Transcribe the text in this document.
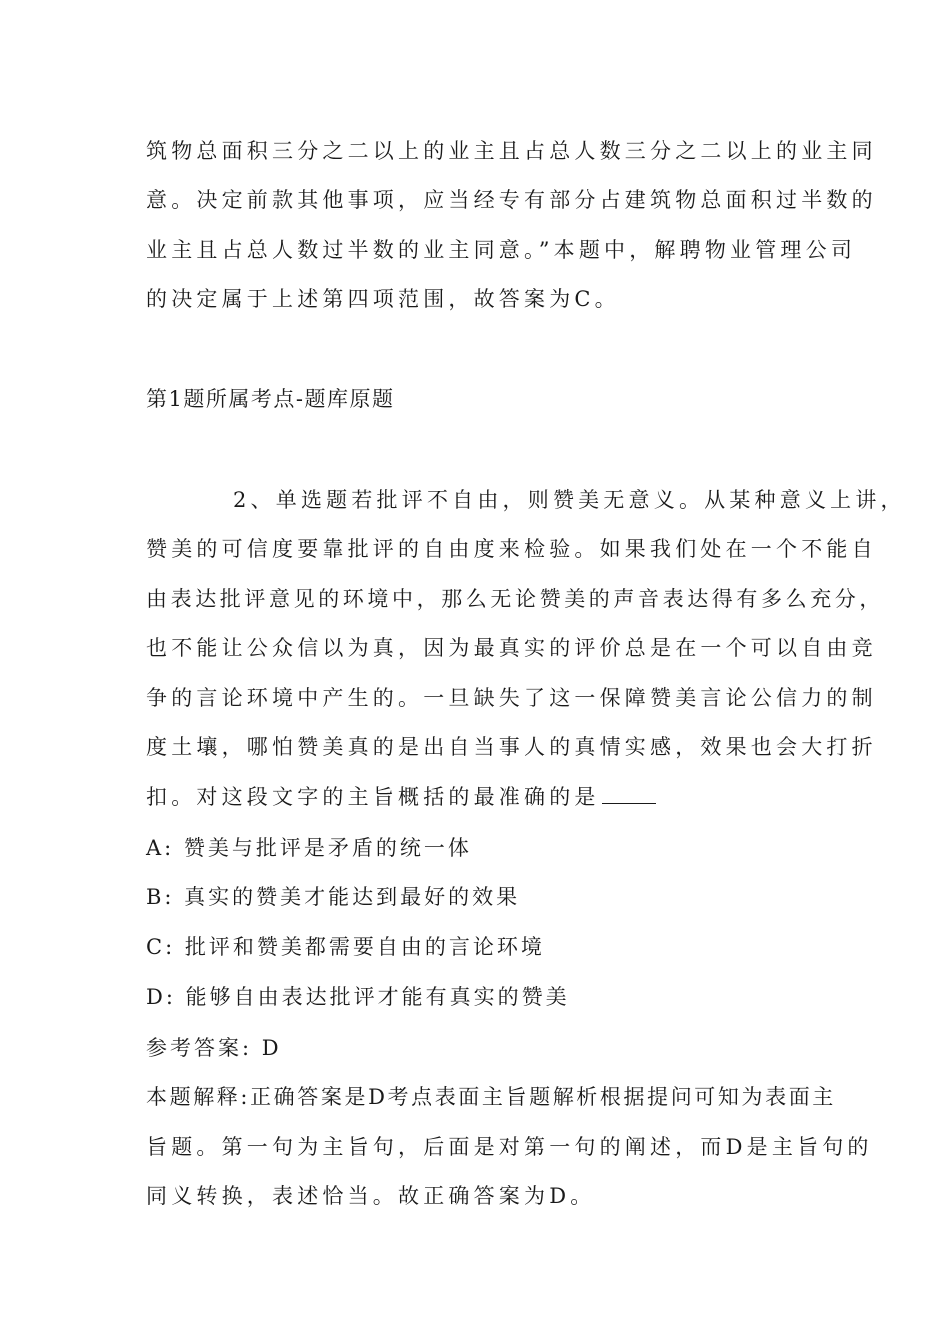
筑物总面积三分之二以上的业主且占总人数三分之二以上的业主同
意。决定前款其他事项，应当经专有部分占建筑物总面积过半数的
业主且占总人数过半数的业主同意。”本题中，解聘物业管理公司
的决定属于上述第四项范围，故答案为C。
第1题所属考点-题库原题
2、单选题若批评不自由，则赞美无意义。从某种意义上讲，
赞美的可信度要靠批评的自由度来检验。如果我们处在一个不能自
由表达批评意见的环境中，那么无论赞美的声音表达得有多么充分，
也不能让公众信以为真，因为最真实的评价总是在一个可以自由竞
争的言论环境中产生的。一旦缺失了这一保障赞美言论公信力的制
度土壤，哪怕赞美真的是出自当事人的真情实感，效果也会大打折
扣。对这段文字的主旨概括的最准确的是
A: 赞美与批评是矛盾的统一体
B: 真实的赞美才能达到最好的效果
C: 批评和赞美都需要自由的言论环境
D: 能够自由表达批评才能有真实的赞美
参考答案: D
本题解释:正确答案是D考点表面主旨题解析根据提问可知为表面主
旨题。第一句为主旨句，后面是对第一句的阐述，而D是主旨句的
同义转换，表述恰当。故正确答案为D。
